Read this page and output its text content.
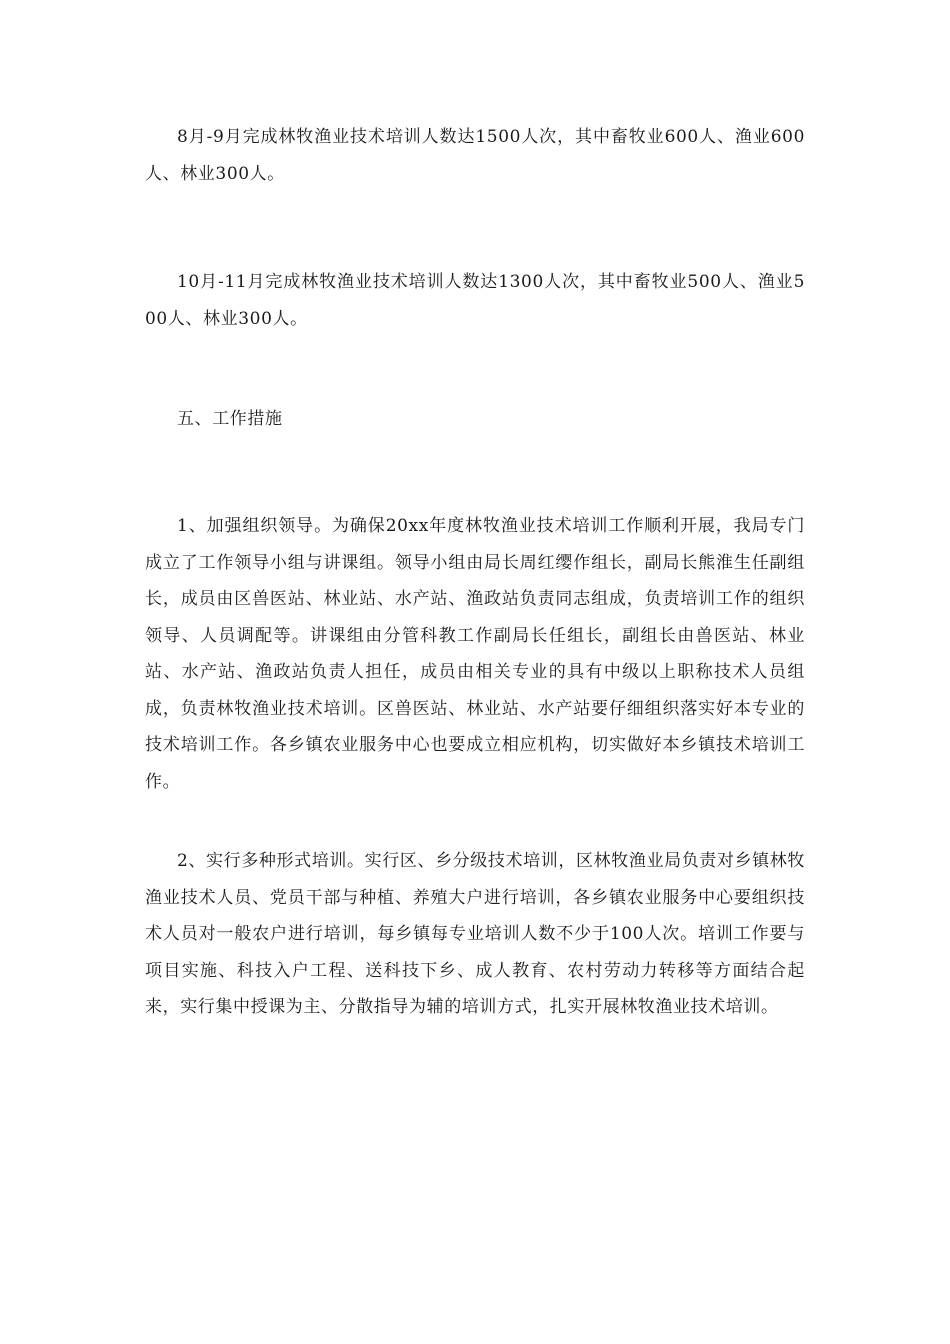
8月-9月完成林牧渔业技术培训人数达1500人次，其中畜牧业600人、渔业600人、林业300人。

10月-11月完成林牧渔业技术培训人数达1300人次，其中畜牧业500人、渔业500人、林业300人。

五、工作措施

1、加强组织领导。为确保20xx年度林牧渔业技术培训工作顺利开展，我局专门成立了工作领导小组与讲课组。领导小组由局长周红缨作组长，副局长熊淮生任副组长，成员由区兽医站、林业站、水产站、渔政站负责同志组成，负责培训工作的组织领导、人员调配等。讲课组由分管科教工作副局长任组长，副组长由兽医站、林业站、水产站、渔政站负责人担任，成员由相关专业的具有中级以上职称技术人员组成，负责林牧渔业技术培训。区兽医站、林业站、水产站要仔细组织落实好本专业的技术培训工作。各乡镇农业服务中心也要成立相应机构，切实做好本乡镇技术培训工作。

2、实行多种形式培训。实行区、乡分级技术培训，区林牧渔业局负责对乡镇林牧渔业技术人员、党员干部与种植、养殖大户进行培训，各乡镇农业服务中心要组织技术人员对一般农户进行培训，每乡镇每专业培训人数不少于100人次。培训工作要与项目实施、科技入户工程、送科技下乡、成人教育、农村劳动力转移等方面结合起来，实行集中授课为主、分散指导为辅的培训方式，扎实开展林牧渔业技术培训。
